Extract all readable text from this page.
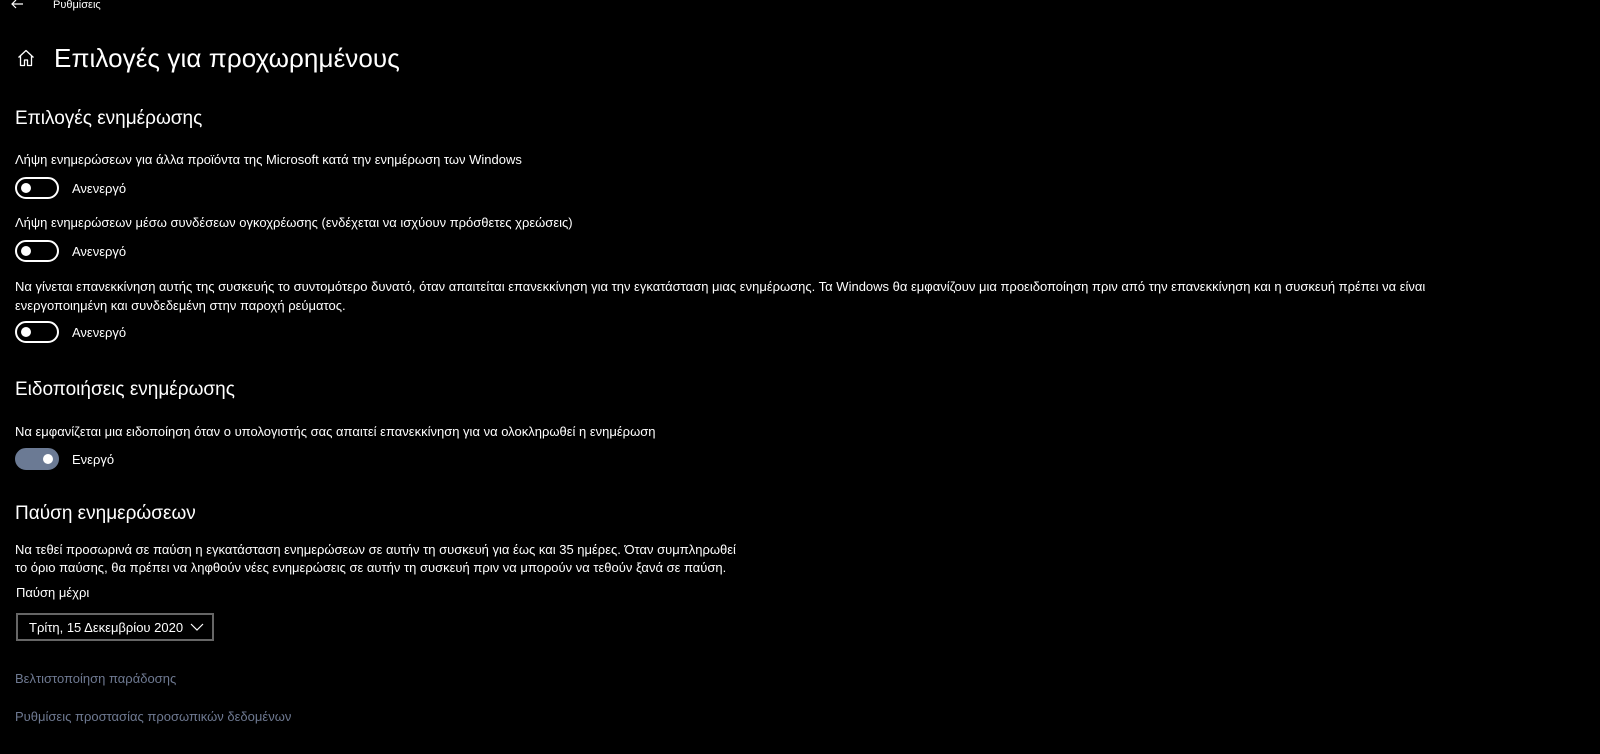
Ρυθμίσεις
Επιλογές για προχωρημένους
Επιλογές ενημέρωσης
Λήψη ενημερώσεων για άλλα προϊόντα της Microsoft κατά την ενημέρωση των Windows
Ανενεργό
Λήψη ενημερώσεων μέσω συνδέσεων ογκοχρέωσης (ενδέχεται να ισχύουν πρόσθετες χρεώσεις)
Ανενεργό
Να γίνεται επανεκκίνηση αυτής της συσκευής το συντομότερο δυνατό, όταν απαιτείται επανεκκίνηση για την εγκατάσταση μιας ενημέρωσης. Τα Windows θα εμφανίζουν μια προειδοποίηση πριν από την επανεκκίνηση και η συσκευή πρέπει να είναι
ενεργοποιημένη και συνδεδεμένη στην παροχή ρεύματος.
Ανενεργό
Ειδοποιήσεις ενημέρωσης
Να εμφανίζεται μια ειδοποίηση όταν ο υπολογιστής σας απαιτεί επανεκκίνηση για να ολοκληρωθεί η ενημέρωση
Ενεργό
Παύση ενημερώσεων
Να τεθεί προσωρινά σε παύση η εγκατάσταση ενημερώσεων σε αυτήν τη συσκευή για έως και 35 ημέρες. Όταν συμπληρωθεί
το όριο παύσης, θα πρέπει να ληφθούν νέες ενημερώσεις σε αυτήν τη συσκευή πριν να μπορούν να τεθούν ξανά σε παύση.
Παύση μέχρι
Τρίτη, 15 Δεκεμβρίου 2020
Βελτιστοποίηση παράδοσης
Ρυθμίσεις προστασίας προσωπικών δεδομένων
